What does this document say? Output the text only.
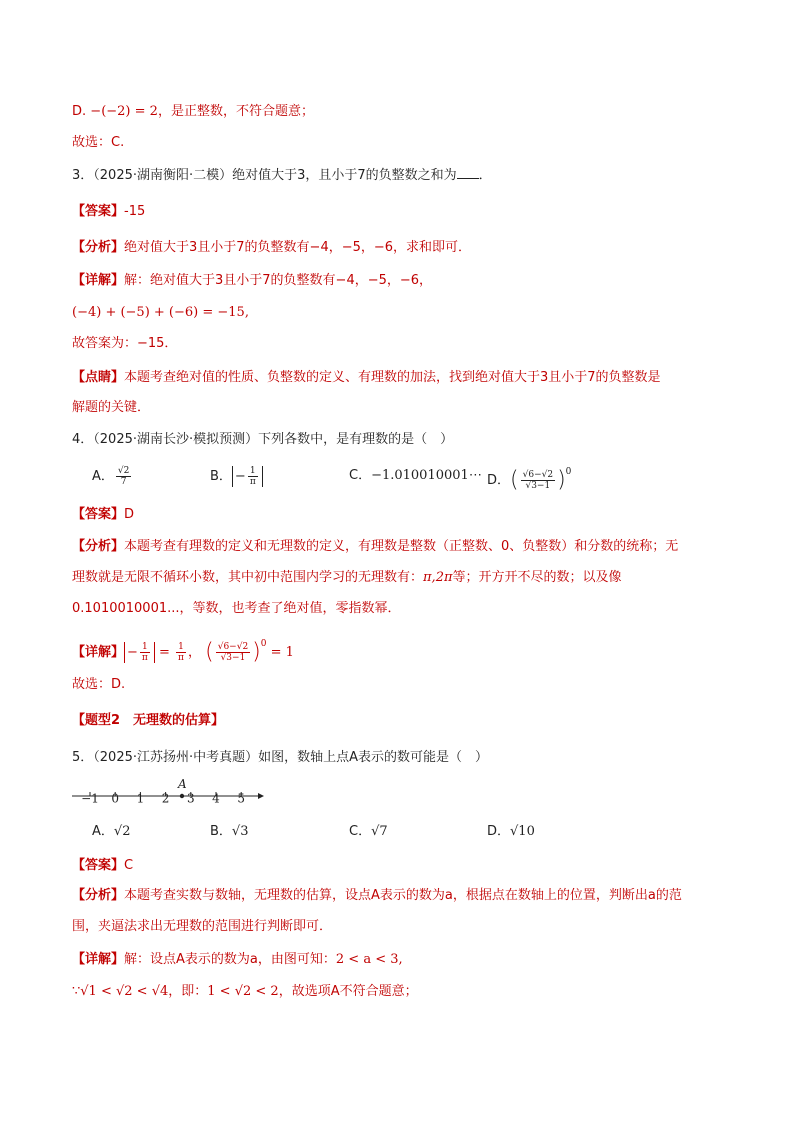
D. −(−2) = 2，是正整数，不符合题意；
故选：C.
3．（2025·湖南衡阳·二模）绝对值大于3，且小于7的负整数之和为 ．
【答案】-15
【分析】绝对值大于3且小于7的负整数有−4，−5，−6，求和即可．
【详解】解：绝对值大于3且小于7的负整数有−4，−5，−6，
(−4) + (−5) + (−6) = −15,
故答案为：−15．
【点睛】本题考查绝对值的性质、负整数的定义、有理数的加法，找到绝对值大于3且小于7的负整数是
解题的关键．
4．（2025·湖南长沙·模拟预测）下列各数中，是有理数的是（　）
A． $\frac{√2}{7}$	B． − $\frac{1}{\pi}$	C．−1.010010001⋯ D．( $\frac{√6-√2}{√3-1} )^0$
【答案】D
【分析】本题考查有理数的定义和无理数的定义，有理数是整数（正整数、0、负整数）和分数的统称；无
理数就是无限不循环小数，其中初中范围内学习的无理数有：π,2π等；开方开不尽的数；以及像
0.1010010001...，等数，也考查了绝对值，零指数幂．
【详解】 − $\frac{1}{\pi} = \frac{1}{\pi}$ ， ( $\frac{√6-√2}{√3-1} )^0 = 1$
故选：D.
【题型2　无理数的估算】
5．（2025·江苏扬州·中考真题）如图，数轴上点A表示的数可能是（　）
−1 0 1 2 3 4 5
A
A．√2	B．√3	C．√7	D．√10
【答案】C
【分析】本题考查实数与数轴，无理数的估算，设点A表示的数为a，根据点在数轴上的位置，判断出a的范
围，夹逼法求出无理数的范围进行判断即可．
【详解】解：设点A表示的数为a，由图可知：2 < a < 3,
∵√1 < √2 < √4，即：1 < √2 < 2，故选项A不符合题意；
